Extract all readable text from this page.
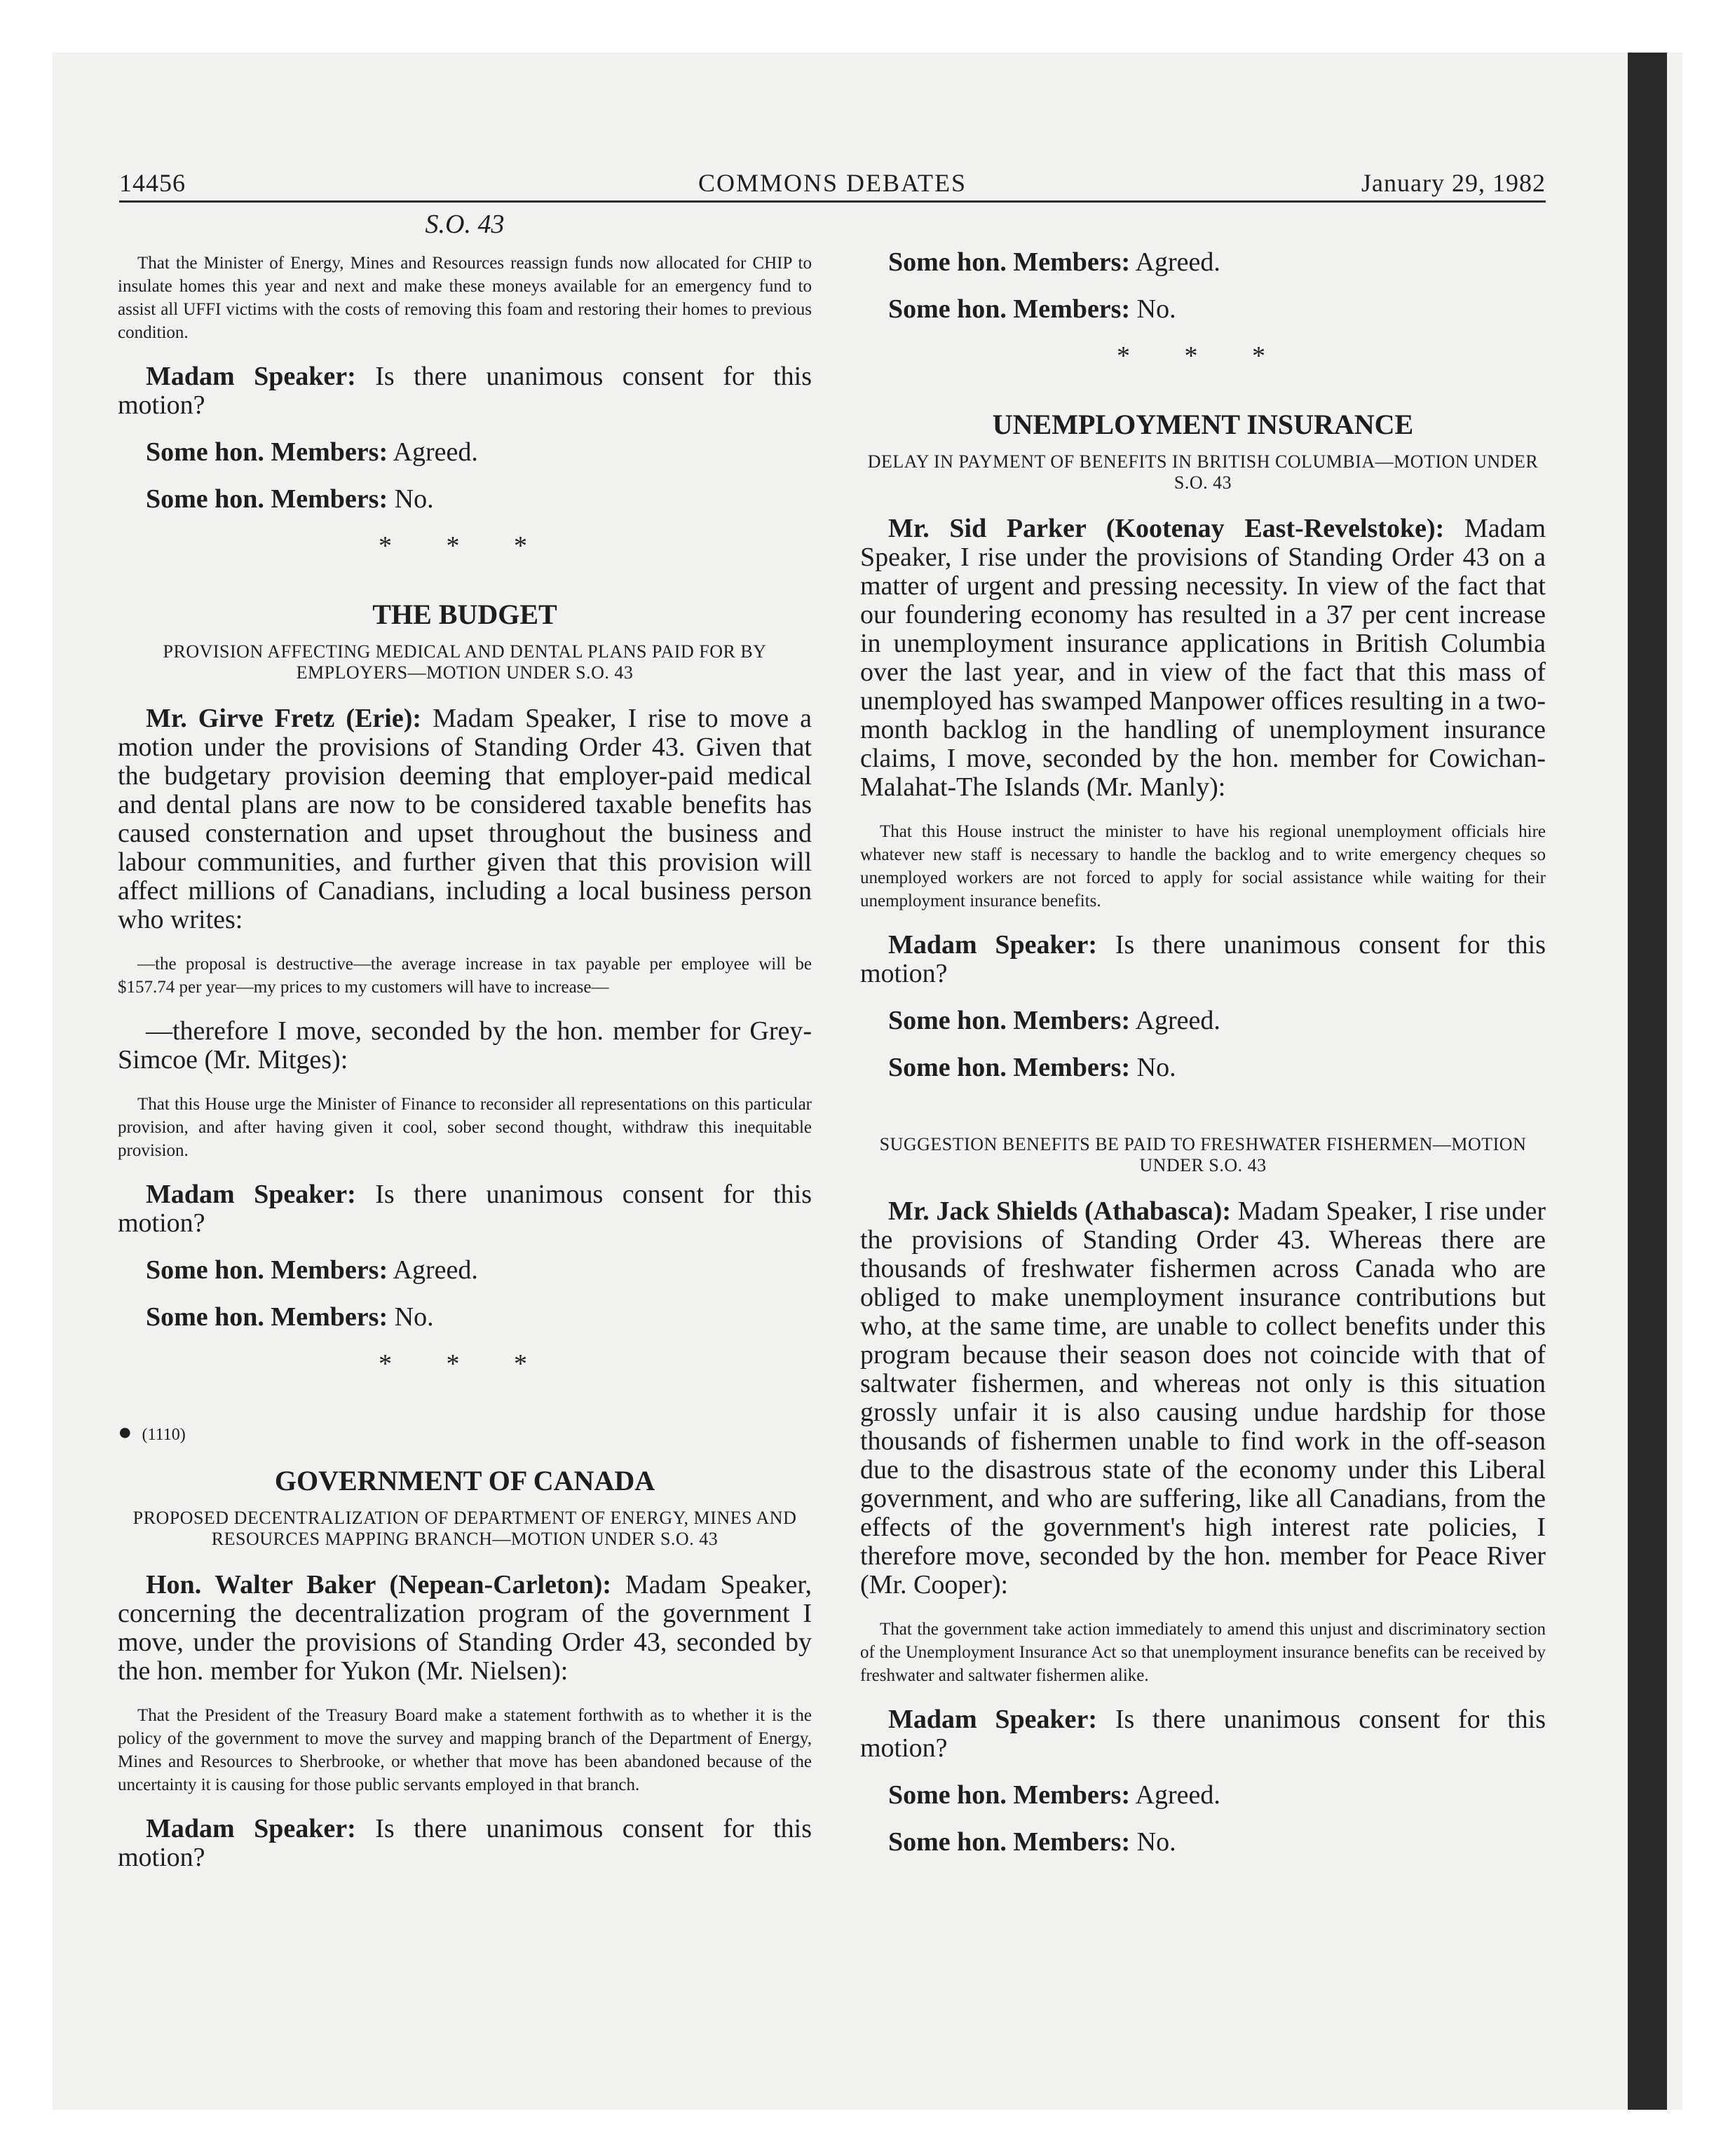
14456	COMMONS DEBATES	January 29, 1982
S.O. 43
That the Minister of Energy, Mines and Resources reassign funds now allocated for CHIP to insulate homes this year and next and make these moneys available for an emergency fund to assist all UFFI victims with the costs of removing this foam and restoring their homes to previous condition.

Madam Speaker: Is there unanimous consent for this motion?

Some hon. Members: Agreed.

Some hon. Members: No.

* * *
THE BUDGET
PROVISION AFFECTING MEDICAL AND DENTAL PLANS PAID FOR BY EMPLOYERS—MOTION UNDER S.O. 43

Mr. Girve Fretz (Erie): Madam Speaker, I rise to move a motion under the provisions of Standing Order 43. Given that the budgetary provision deeming that employer-paid medical and dental plans are now to be considered taxable benefits has caused consternation and upset throughout the business and labour communities, and further given that this provision will affect millions of Canadians, including a local business person who writes:

—the proposal is destructive—the average increase in tax payable per employee will be $157.74 per year—my prices to my customers will have to increase—

—therefore I move, seconded by the hon. member for Grey-Simcoe (Mr. Mitges):

That this House urge the Minister of Finance to reconsider all representations on this particular provision, and after having given it cool, sober second thought, withdraw this inequitable provision.

Madam Speaker: Is there unanimous consent for this motion?

Some hon. Members: Agreed.

Some hon. Members: No.

* * *
● (1110)
GOVERNMENT OF CANADA
PROPOSED DECENTRALIZATION OF DEPARTMENT OF ENERGY, MINES AND RESOURCES MAPPING BRANCH—MOTION UNDER S.O. 43

Hon. Walter Baker (Nepean-Carleton): Madam Speaker, concerning the decentralization program of the government I move, under the provisions of Standing Order 43, seconded by the hon. member for Yukon (Mr. Nielsen):

That the President of the Treasury Board make a statement forthwith as to whether it is the policy of the government to move the survey and mapping branch of the Department of Energy, Mines and Resources to Sherbrooke, or whether that move has been abandoned because of the uncertainty it is causing for those public servants employed in that branch.

Madam Speaker: Is there unanimous consent for this motion?

Some hon. Members: Agreed.

Some hon. Members: No.

* * *
UNEMPLOYMENT INSURANCE
DELAY IN PAYMENT OF BENEFITS IN BRITISH COLUMBIA—MOTION UNDER S.O. 43

Mr. Sid Parker (Kootenay East-Revelstoke): Madam Speaker, I rise under the provisions of Standing Order 43 on a matter of urgent and pressing necessity. In view of the fact that our foundering economy has resulted in a 37 per cent increase in unemployment insurance applications in British Columbia over the last year, and in view of the fact that this mass of unemployed has swamped Manpower offices resulting in a two-month backlog in the handling of unemployment insurance claims, I move, seconded by the hon. member for Cowichan-Malahat-The Islands (Mr. Manly):

That this House instruct the minister to have his regional unemployment officials hire whatever new staff is necessary to handle the backlog and to write emergency cheques so unemployed workers are not forced to apply for social assistance while waiting for their unemployment insurance benefits.

Madam Speaker: Is there unanimous consent for this motion?

Some hon. Members: Agreed.

Some hon. Members: No.

SUGGESTION BENEFITS BE PAID TO FRESHWATER FISHERMEN—MOTION UNDER S.O. 43

Mr. Jack Shields (Athabasca): Madam Speaker, I rise under the provisions of Standing Order 43. Whereas there are thousands of freshwater fishermen across Canada who are obliged to make unemployment insurance contributions but who, at the same time, are unable to collect benefits under this program because their season does not coincide with that of saltwater fishermen, and whereas not only is this situation grossly unfair it is also causing undue hardship for those thousands of fishermen unable to find work in the off-season due to the disastrous state of the economy under this Liberal government, and who are suffering, like all Canadians, from the effects of the government's high interest rate policies, I therefore move, seconded by the hon. member for Peace River (Mr. Cooper):

That the government take action immediately to amend this unjust and discriminatory section of the Unemployment Insurance Act so that unemployment insurance benefits can be received by freshwater and saltwater fishermen alike.

Madam Speaker: Is there unanimous consent for this motion?

Some hon. Members: Agreed.

Some hon. Members: No.
